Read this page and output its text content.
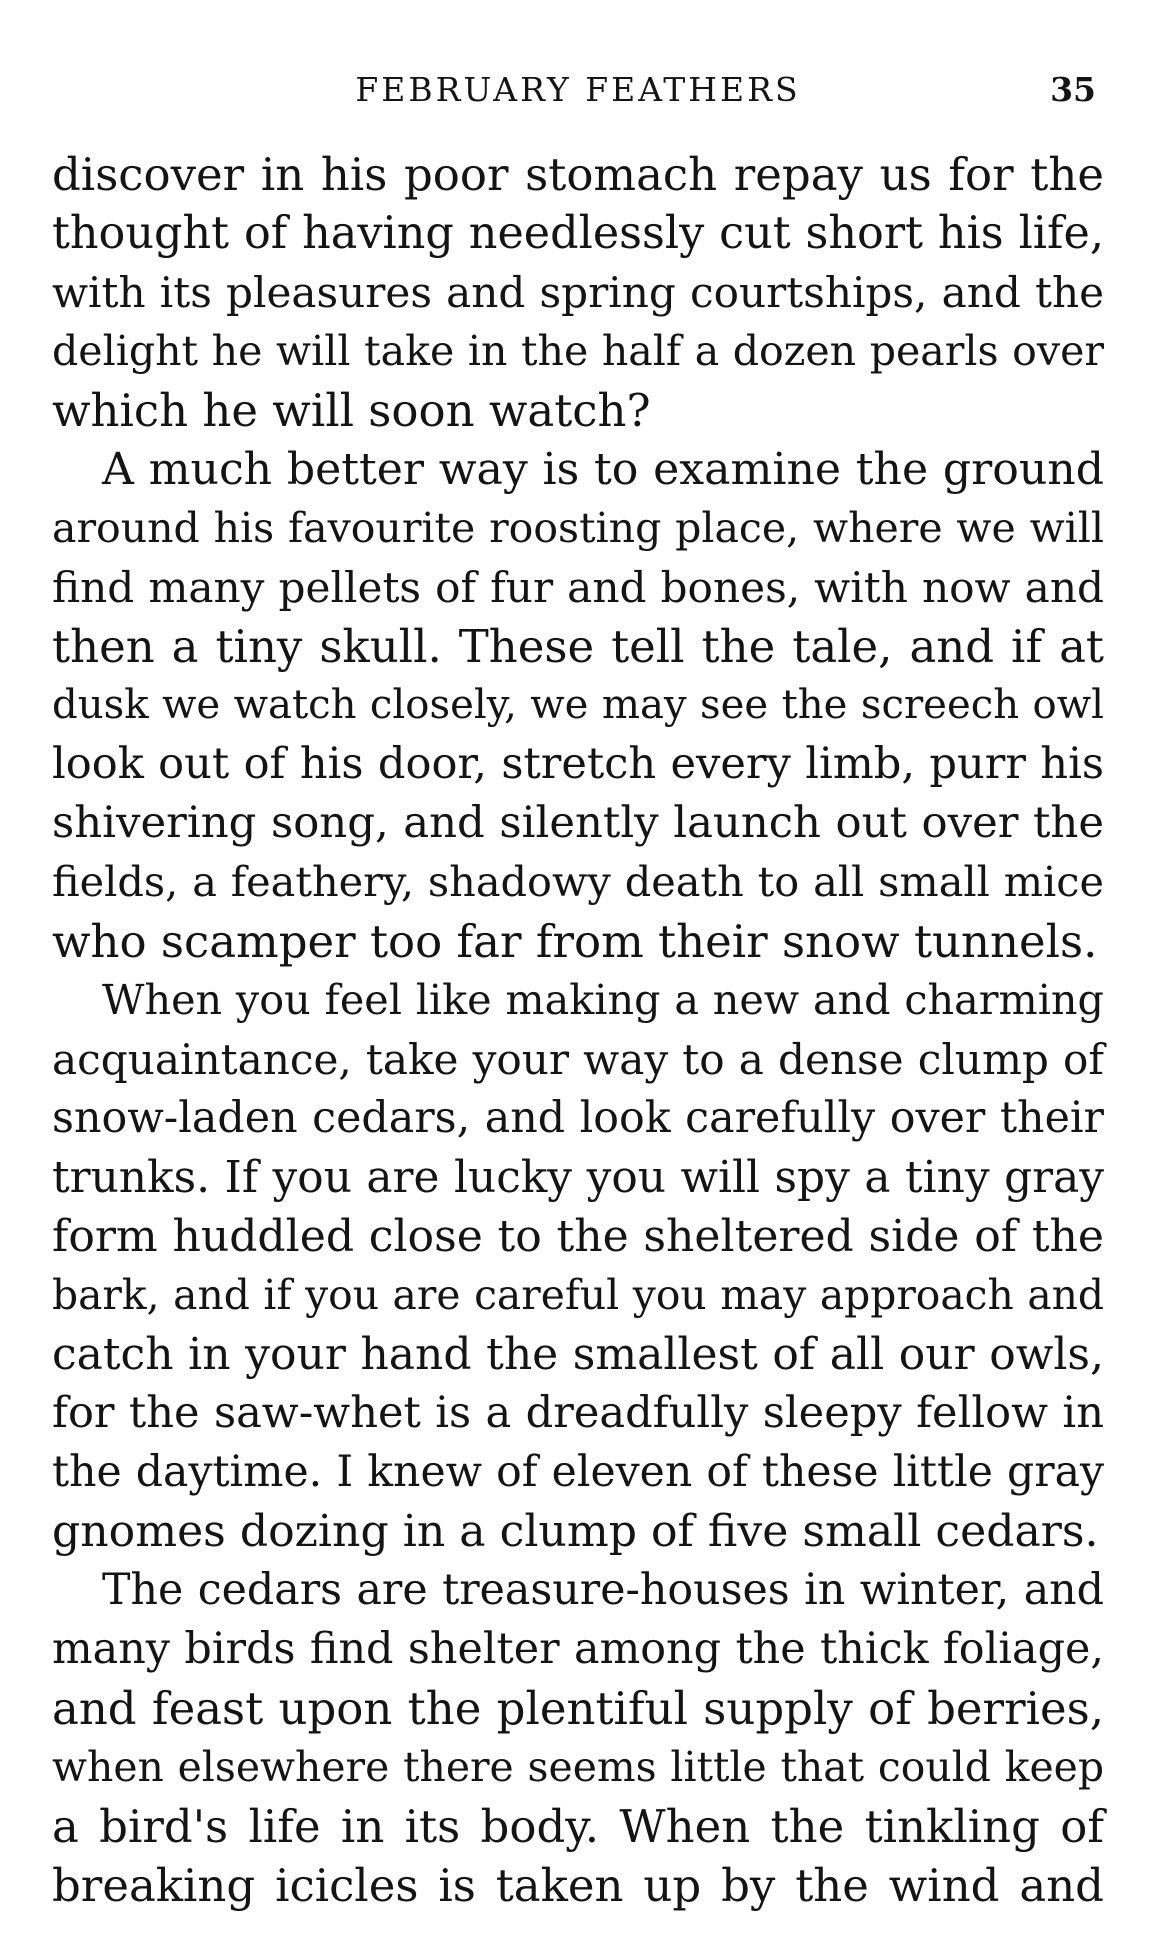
FEBRUARY FEATHERS	35
discover in his poor stomach repay us for the
thought of having needlessly cut short his life,
with its pleasures and spring courtships, and the
delight he will take in the half a dozen pearls over
which he will soon watch?
A much better way is to examine the ground
around his favourite roosting place, where we will
find many pellets of fur and bones, with now and
then a tiny skull. These tell the tale, and if at
dusk we watch closely, we may see the screech owl
look out of his door, stretch every limb, purr his
shivering song, and silently launch out over the
fields, a feathery, shadowy death to all small mice
who scamper too far from their snow tunnels.
When you feel like making a new and charming
acquaintance, take your way to a dense clump of
snow-laden cedars, and look carefully over their
trunks. If you are lucky you will spy a tiny gray
form huddled close to the sheltered side of the
bark, and if you are careful you may approach and
catch in your hand the smallest of all our owls,
for the saw-whet is a dreadfully sleepy fellow in
the daytime. I knew of eleven of these little gray
gnomes dozing in a clump of five small cedars.
The cedars are treasure-houses in winter, and
many birds find shelter among the thick foliage,
and feast upon the plentiful supply of berries,
when elsewhere there seems little that could keep
a bird's life in its body. When the tinkling of
breaking icicles is taken up by the wind and
